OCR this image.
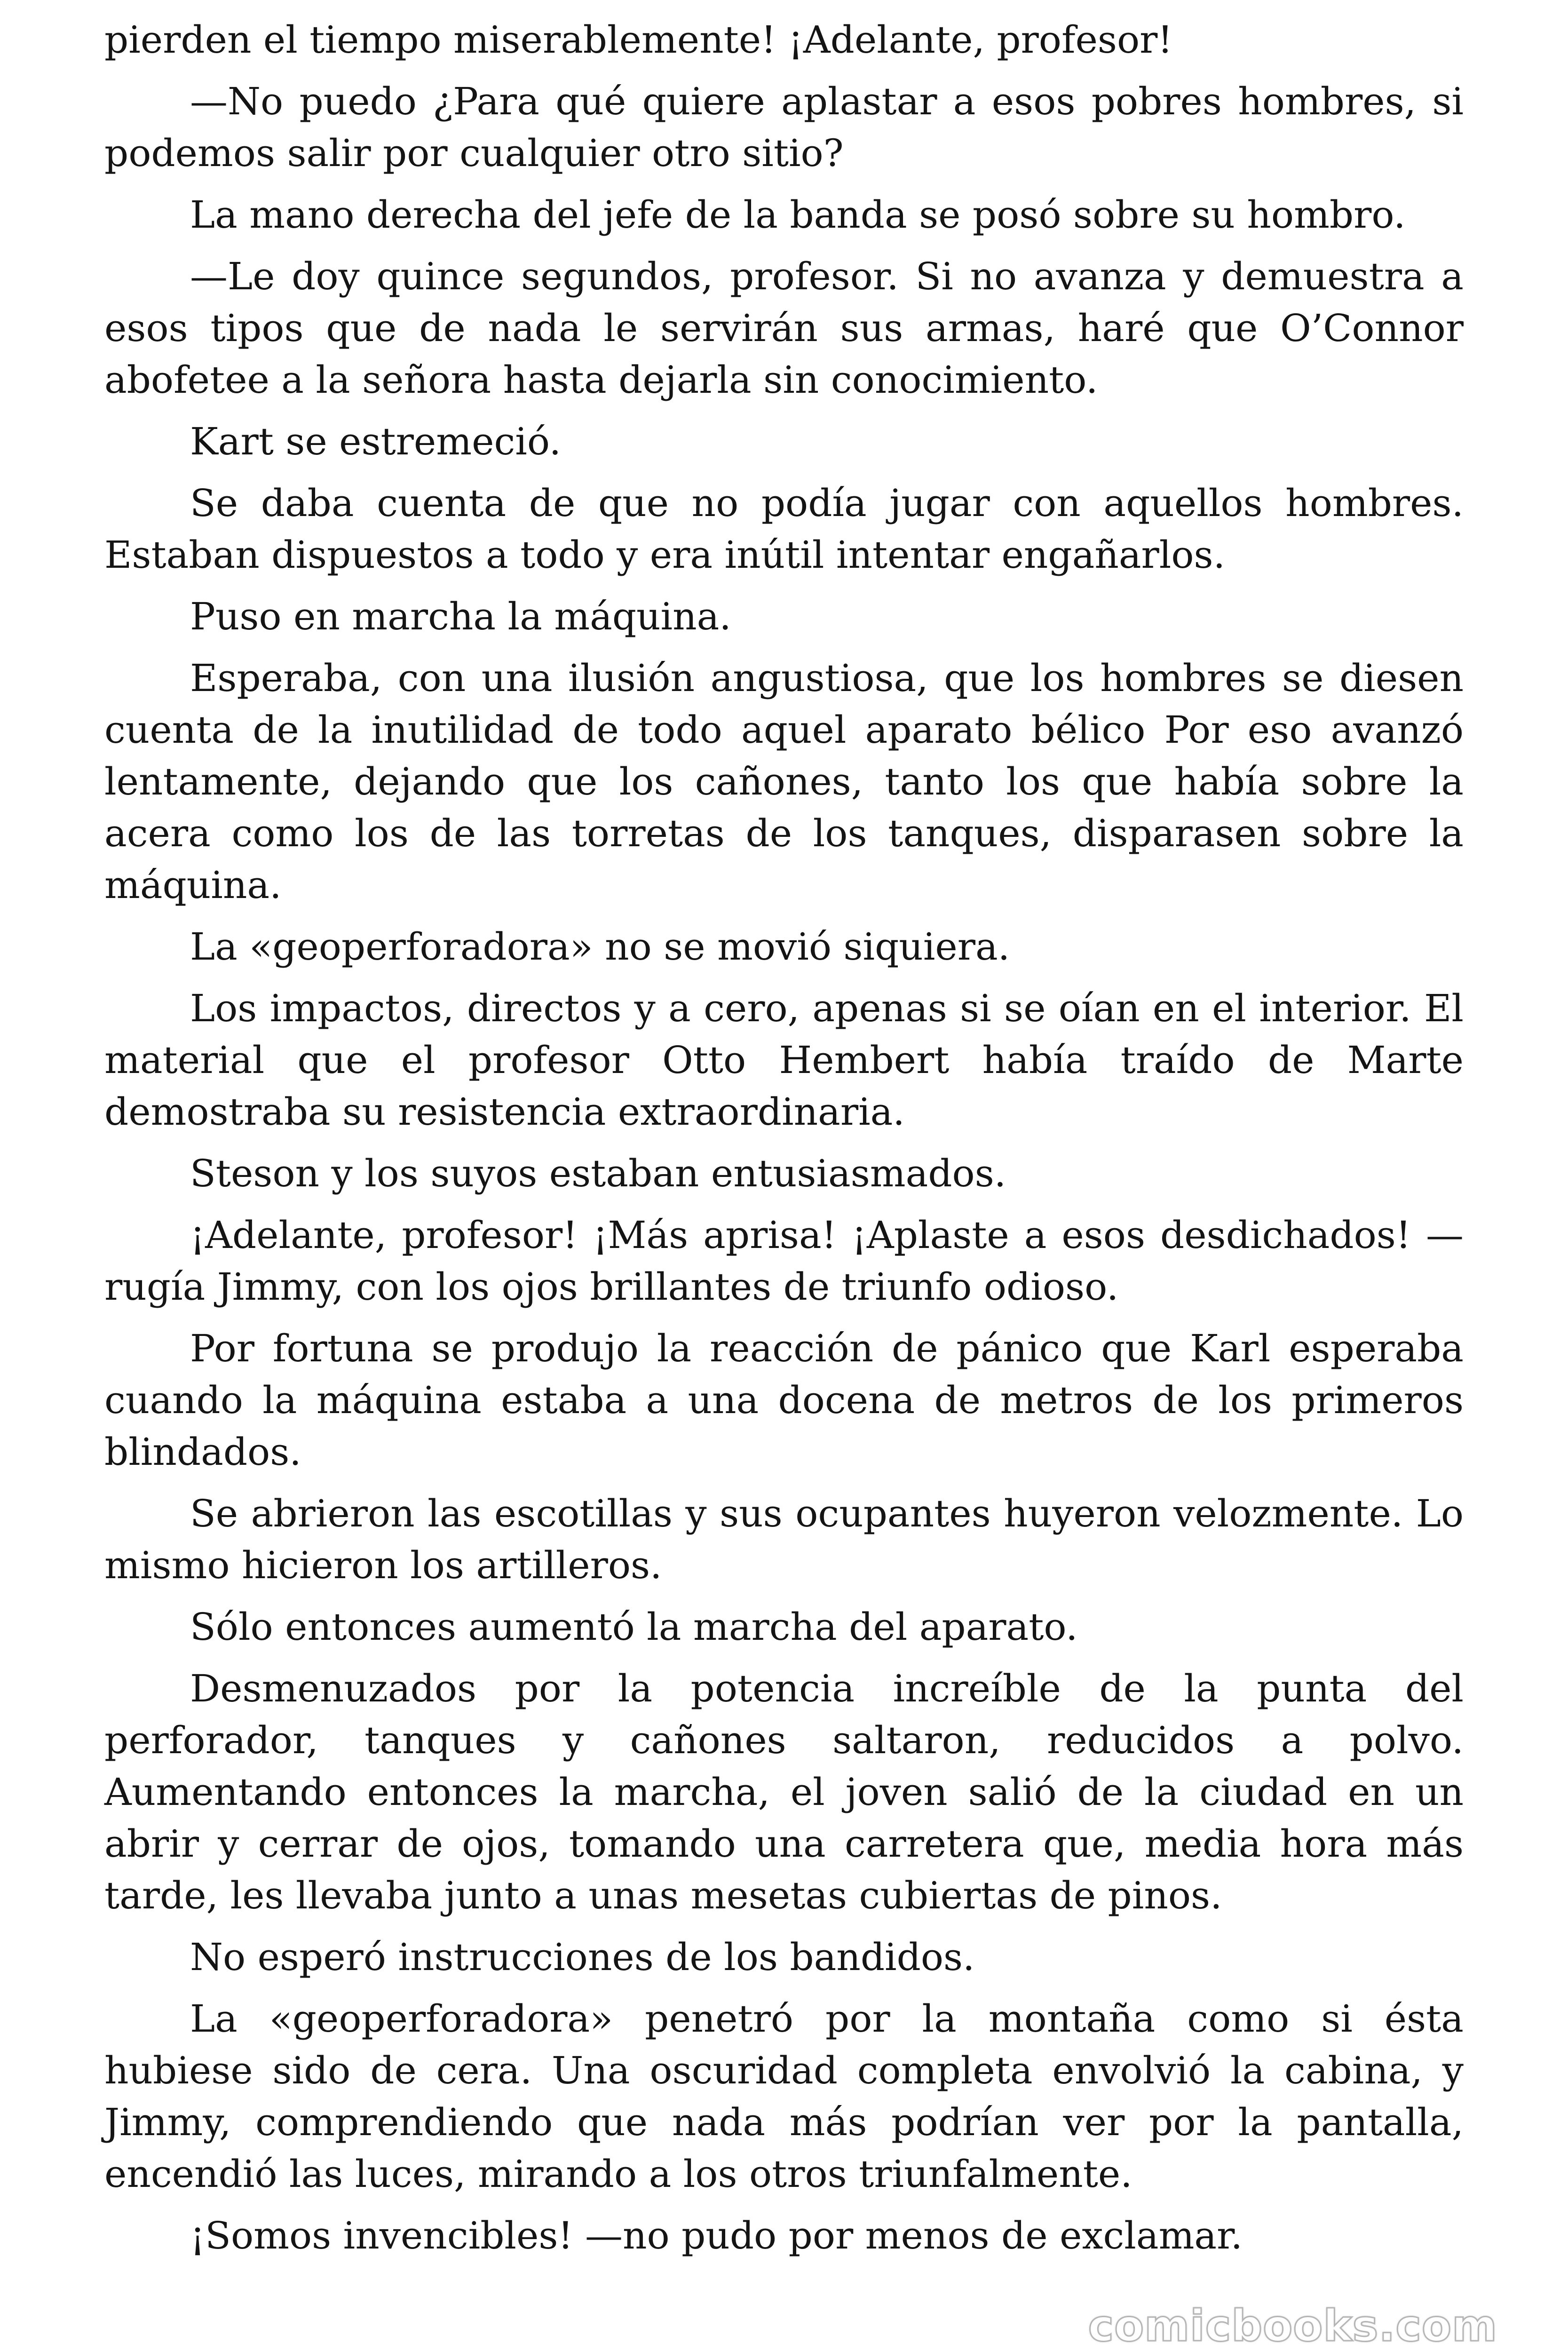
pierden el tiempo miserablemente! ¡Adelante, profesor!

—No puedo ¿Para qué quiere aplastar a esos pobres hombres, si podemos salir por cualquier otro sitio?

La mano derecha del jefe de la banda se posó sobre su hombro.

—Le doy quince segundos, profesor. Si no avanza y demuestra a esos tipos que de nada le servirán sus armas, haré que O’Connor abofetee a la señora hasta dejarla sin conocimiento.

Kart se estremeció.

Se daba cuenta de que no podía jugar con aquellos hombres. Estaban dispuestos a todo y era inútil intentar engañarlos.

Puso en marcha la máquina.

Esperaba, con una ilusión angustiosa, que los hombres se diesen cuenta de la inutilidad de todo aquel aparato bélico Por eso avanzó lentamente, dejando que los cañones, tanto los que había sobre la acera como los de las torretas de los tanques, disparasen sobre la máquina.

La «geoperforadora» no se movió siquiera.

Los impactos, directos y a cero, apenas si se oían en el interior. El material que el profesor Otto Hembert había traído de Marte demostraba su resistencia extraordinaria.

Steson y los suyos estaban entusiasmados.

¡Adelante, profesor! ¡Más aprisa! ¡Aplaste a esos desdichados! —rugía Jimmy, con los ojos brillantes de triunfo odioso.

Por fortuna se produjo la reacción de pánico que Karl esperaba cuando la máquina estaba a una docena de metros de los primeros blindados.

Se abrieron las escotillas y sus ocupantes huyeron velozmente. Lo mismo hicieron los artilleros.

Sólo entonces aumentó la marcha del aparato.

Desmenuzados por la potencia increíble de la punta del perforador, tanques y cañones saltaron, reducidos a polvo. Aumentando entonces la marcha, el joven salió de la ciudad en un abrir y cerrar de ojos, tomando una carretera que, media hora más tarde, les llevaba junto a unas mesetas cubiertas de pinos.

No esperó instrucciones de los bandidos.

La «geoperforadora» penetró por la montaña como si ésta hubiese sido de cera. Una oscuridad completa envolvió la cabina, y Jimmy, comprendiendo que nada más podrían ver por la pantalla, encendió las luces, mirando a los otros triunfalmente.

¡Somos invencibles! —no pudo por menos de exclamar.

comicbooks.com
